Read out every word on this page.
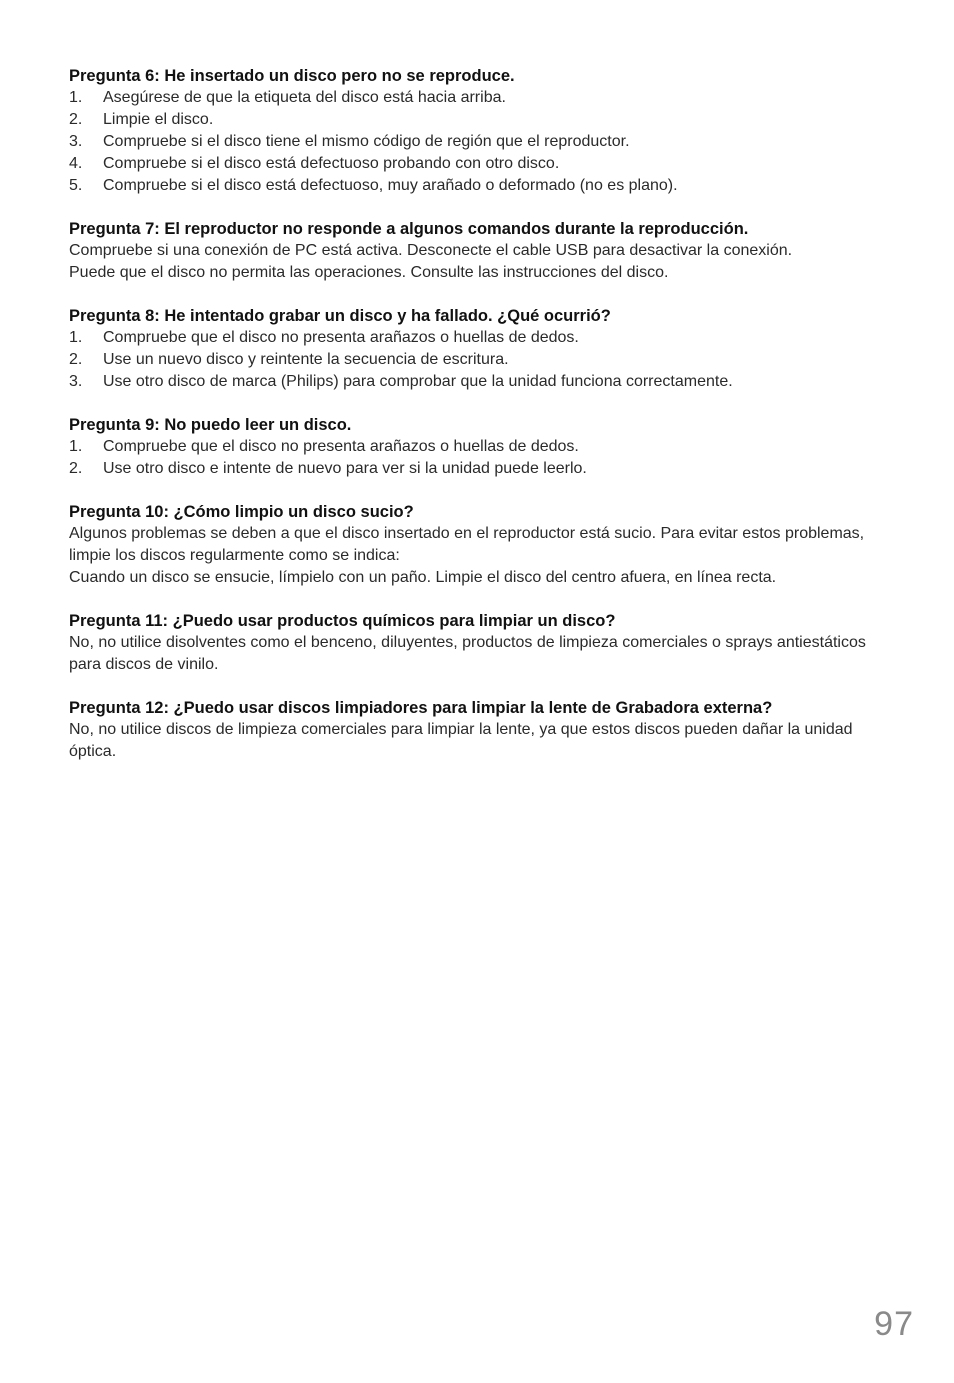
Pregunta 6: He insertado un disco pero no se reproduce.

1. Asegúrese de que la etiqueta del disco está hacia arriba.
2. Limpie el disco.
3. Compruebe si el disco tiene el mismo código de región que el reproductor.
4. Compruebe si el disco está defectuoso probando con otro disco.
5. Compruebe si el disco está defectuoso, muy arañado o deformado (no es plano).

Pregunta 7: El reproductor no responde a algunos comandos durante la reproducción.

Compruebe si una conexión de PC está activa. Desconecte el cable USB para desactivar la conexión.

Puede que el disco no permita las operaciones. Consulte las instrucciones del disco.

Pregunta 8: He intentado grabar un disco y ha fallado. ¿Qué ocurrió?

1. Compruebe que el disco no presenta arañazos o huellas de dedos.
2. Use un nuevo disco y reintente la secuencia de escritura.
3. Use otro disco de marca (Philips) para comprobar que la unidad funciona correctamente.

Pregunta 9: No puedo leer un disco.

1. Compruebe que el disco no presenta arañazos o huellas de dedos.
2. Use otro disco e intente de nuevo para ver si la unidad puede leerlo.

Pregunta 10: ¿Cómo limpio un disco sucio?

Algunos problemas se deben a que el disco insertado en el reproductor está sucio. Para evitar estos problemas, limpie los discos regularmente como se indica:

Cuando un disco se ensucie, límpielo con un paño. Limpie el disco del centro afuera, en línea recta.

Pregunta 11: ¿Puedo usar productos químicos para limpiar un disco?

No, no utilice disolventes como el benceno, diluyentes, productos de limpieza comerciales o sprays antiestáticos para discos de vinilo.

Pregunta 12: ¿Puedo usar discos limpiadores para limpiar la lente de Grabadora externa?

No, no utilice discos de limpieza comerciales para limpiar la lente, ya que estos discos pueden dañar la unidad óptica.

97
